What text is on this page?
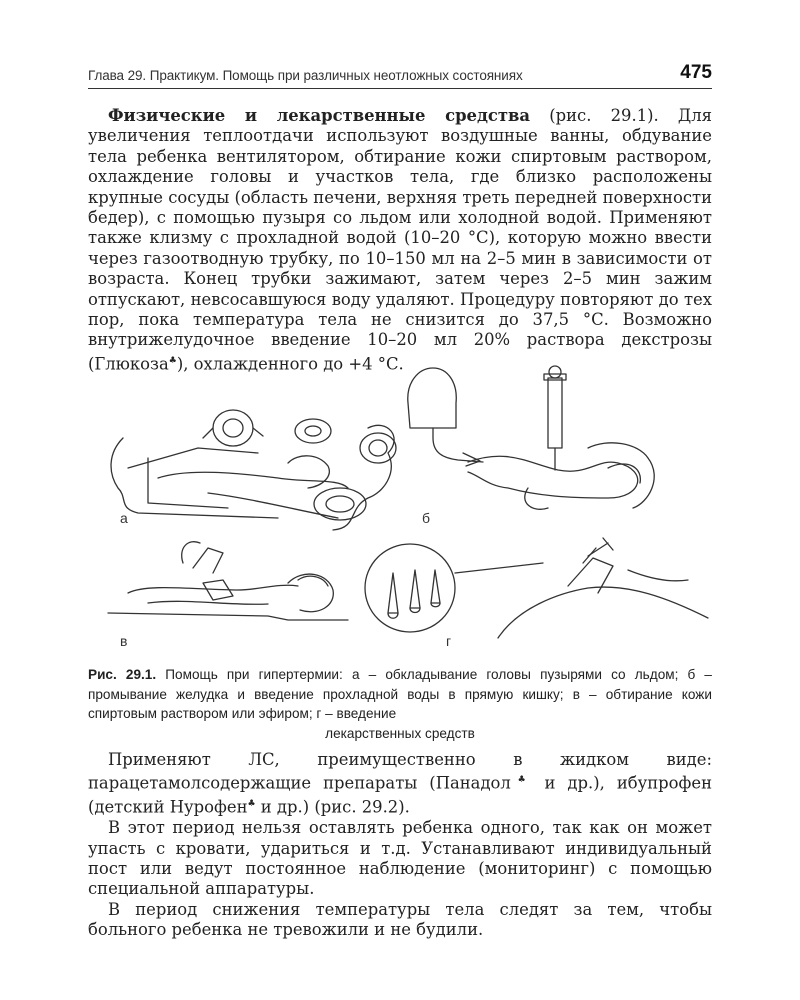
Глава 29. Практикум. Помощь при различных неотложных состояниях	475
Физические и лекарственные средства (рис. 29.1). Для увеличения теплоотдачи используют воздушные ванны, обдувание тела ребенка вентилятором, обтирание кожи спиртовым раствором, охлаждение головы и участков тела, где близко расположены крупные сосуды (область печени, верхняя треть передней поверхности бедер), с помощью пузыря со льдом или холодной водой. Применяют также клизму с прохладной водой (10–20 °С), которую можно ввести через газоотводную трубку, по 10–150 мл на 2–5 мин в зависимости от возраста. Конец трубки зажимают, затем через 2–5 мин зажим отпускают, невсосавшуюся воду удаляют. Процедуру повторяют до тех пор, пока температура тела не снизится до 37,5 °С. Возможно внутрижелудочное введение 10–20 мл 20% раствора декстрозы (Глюкоза♣), охлажденного до +4 °С.
а	б
в	г
Рис. 29.1. Помощь при гипертермии: а – обкладывание головы пузырями со льдом; б – промывание желудка и введение прохладной воды в прямую кишку; в – обтирание кожи спиртовым раствором или эфиром; г – введение
лекарственных средств

Применяют ЛС, преимущественно в жидком виде: парацетамолсодержащие препараты (Панадол♣ и др.), ибупрофен (детский Нурофен♣ и др.) (рис. 29.2).

В этот период нельзя оставлять ребенка одного, так как он может упасть с кровати, удариться и т.д. Устанавливают индивидуальный пост или ведут постоянное наблюдение (мониторинг) с помощью специальной аппаратуры.

В период снижения температуры тела следят за тем, чтобы больного ребенка не тревожили и не будили.
